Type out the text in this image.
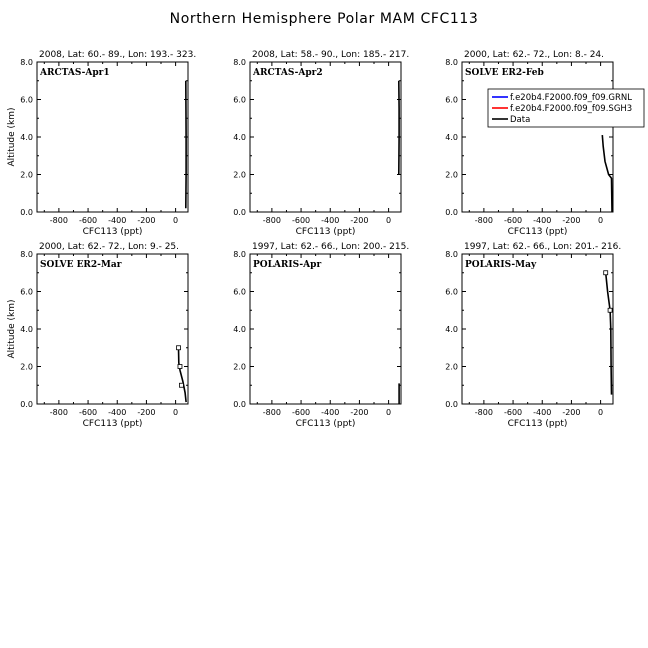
Northern Hemisphere Polar MAM CFC113
2008, Lat: 60.- 89., Lon: 193.- 323.
-800 -600 -400 -200 0
0.0
2.0
4.0
6.0
8.0
CFC113 (ppt)
Altitude (km)
ARCTAS-Apr1
2008, Lat: 58.- 90., Lon: 185.- 217.
-800 -600 -400 -200 0
0.0
2.0
4.0
6.0
8.0
CFC113 (ppt)
ARCTAS-Apr2
2000, Lat: 62.- 72., Lon: 8.- 24.
-800 -600 -400 -200 0
0.0
2.0
4.0
6.0
8.0
CFC113 (ppt)
SOLVE ER2-Feb
2000, Lat: 62.- 72., Lon: 9.- 25.
-800 -600 -400 -200 0
0.0
2.0
4.0
6.0
8.0
CFC113 (ppt)
Altitude (km)
SOLVE ER2-Mar
1997, Lat: 62.- 66., Lon: 200.- 215.
-800 -600 -400 -200 0
0.0
2.0
4.0
6.0
8.0
CFC113 (ppt)
POLARIS-Apr
1997, Lat: 62.- 66., Lon: 201.- 216.
-800 -600 -400 -200 0
0.0
2.0
4.0
6.0
8.0
CFC113 (ppt)
POLARIS-May
f.e20b4.F2000.f09_f09.GRNL
f.e20b4.F2000.f09_f09.SGH3
Data
